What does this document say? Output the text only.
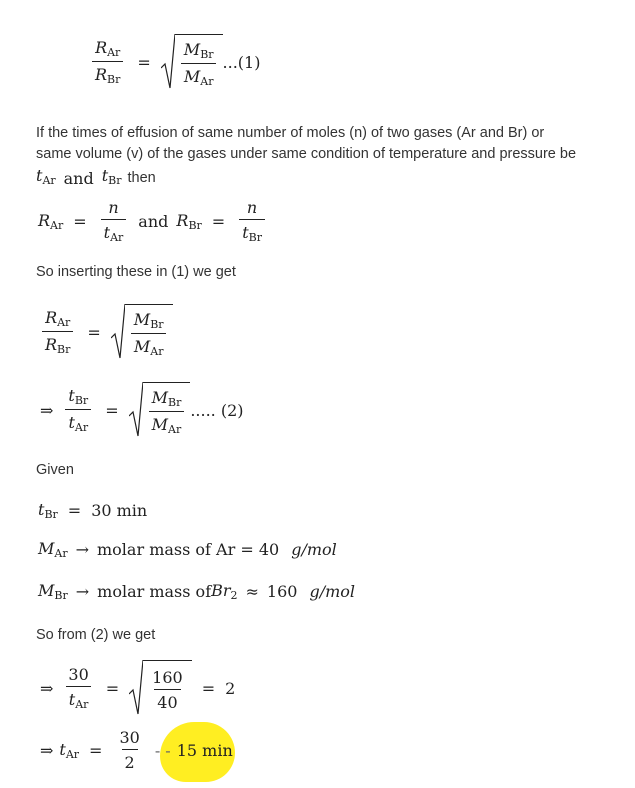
$\frac{R_{Ar}}{R_{Br}} = \frac{M_{Br}}{M_{Ar}} ...(1)$
If the times of effusion of same number of moles (n) of two gases (Ar and Br) or
same volume (v) of the gases under same condition of temperature and pressure be
$t_{Ar}$ and $t_{Br}$ then
$R_{Ar} = \frac{n}{t_{Ar}}$ and $R_{Br} = \frac{n}{t_{Br}}$
So inserting these in (1) we get
$\frac{R_{Ar}}{R_{Br}} = \frac{M_{Br}}{M_{Ar}}$
⇒ $\frac{t_{Br}}{t_{Ar}} = \frac{M_{Br}}{M_{Ar}}$ ..... (2)
Given
$t_{Br} = 30$ min
$M_{Ar}$ → molar mass of Ar = 40 g/mol
$M_{Br}$ → molar mass of $Br_2 \approx 160$ g/mol
So from (2) we get
⇒ $\frac{30}{t_{Ar}} = \frac{160}{40} = 2$
⇒ $t_{Ar} = \frac{30}{2}$ - - 15 min
